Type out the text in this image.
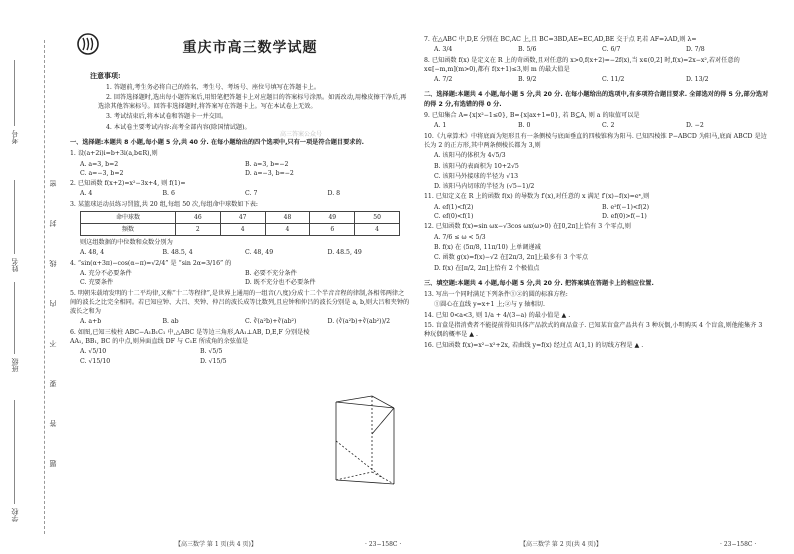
考号
姓名
班级
学校
密
封
线
内
不
要
答
题
重庆市高三数学试题
注意事项:

1. 答题前,考生务必将自己的姓名、考生号、考场号、座位号填写在答题卡上。

2. 回答选择题时,选出每小题答案后,用铅笔把答题卡上对应题目的答案标号涂黑。如需改动,用橡皮擦干净后,再选涂其他答案标号。回答非选择题时,将答案写在答题卡上。写在本试卷上无效。

3. 考试结束后,将本试卷和答题卡一并交回。

4. 本试卷主要考试内容:高考全部内容(除国情试题)。

高三答案公众号
一、选择题:本题共 8 小题,每小题 5 分,共 40 分. 在每小题给出的四个选项中,只有一项是符合题目要求的.
1. 设(a+2i)i=b+3i(a,b∈R),则
A. a=3, b=2	B. a=3, b=−2
C. a=−3, b=2	D. a=−3, b=−2
2. 已知函数 f(x+2)=x²−3x+4, 则 f(1)=
A. 4	B. 6	C. 7	D. 8
3. 某篮球运动员练习罚篮,共 20 组,每组 50 次,每组命中球数如下表:
命中球数	46	47	48	49	50
频数	2	4	4	6	4
则这组数据的中位数和众数分别为
A. 48, 4	B. 48.5, 4	C. 48, 49	D. 48.5, 49
4. “sin(α+3π)−cos(α−π)=√2/4” 是 “sin 2α=3/16” 的
A. 充分不必要条件	B. 必要不充分条件
C. 充要条件	D. 既不充分也不必要条件
5. 明朝朱载堉发明的十二平均律,又称“十二等程律”,是世界上通用的一组音(八度)分成十二个半音音程的律制,各相邻两律之间的波长之比完全相同。若已知应钟、大吕、夹钟、仲吕的波长成等比数列,且应钟和仲吕的波长分别是 a, b,则大吕和夹钟的波长之和为
A. a+b	B. ab	C. ∛(a²b)+∛(ab²)	D. (∛(a²b)+∛(ab²))/2
6. 如图,已知三棱柱 ABC−A₁B₁C₁ 中,△ABC 是等边三角形,AA₁⊥AB, D,E,F 分别是棱 AA₁, BB₁, BC 的中点,则异面直线 DF 与 C₁E 所成角的余弦值是
A. √5/10	B. √5/5
C. √15/10	D. √15/5
【高三数学 第 1 页(共 4 页)】	· 23−158C ·
7. 在△ABC 中,D,E 分别在 BC,AC 上,且 BC=3BD,AE=EC,AD,BE 交于点 F,若 AF=λAD,则 λ=
A. 3/4	B. 5/6	C. 6/7	D. 7/8
8. 已知函数 f(x) 是定义在 R 上的奇函数,且对任意的 x>0,f(x+2)=−2f(x),当 x∈(0,2] 时,f(x)=2x−x²,若对任意的 x∈[−m,m](m>0),都有 f(x+1)≤3,则 m 的最大值是
A. 7/2	B. 9/2	C. 11/2	D. 13/2
二、选择题:本题共 4 小题,每小题 5 分,共 20 分. 在每小题给出的选项中,有多项符合题目要求. 全部选对的得 5 分,部分选对的得 2 分,有选错的得 0 分.
9. 已知集合 A={x|x²−1≤0}, B={x|ax+1=0}, 若 B⊆A, 则 a 的取值可以是
A. 1	B. 0	C. 2	D. −2
10.《九章算术》中将底面为矩形且有一条侧棱与底面垂直的四棱锥称为阳马. 已知四棱锥 P−ABCD 为阳马,底面 ABCD 是边长为 2 的正方形,其中两条侧棱长都为 3,则
A. 该阳马的体积为 4√5/3
B. 该阳马的表面积为 10+2√5
C. 该阳马外接球的半径为 √13
D. 该阳马内切球的半径为 (√5−1)/2
11. 已知定义在 R 上的函数 f(x) 的导数为 f′(x),对任意的 x 满足 f′(x)−f(x)=eˣ,则
A. ef(1)<f(2)	B. e²f(−1)<f(2)
C. ef(0)<f(1)	D. ef(0)>f(−1)
12. 已知函数 f(x)=sin ωx−√3cos ωx(ω>0) 在[0,2π]上恰有 3 个零点,则
A. 7/6 ≤ ω < 5/3
B. f(x) 在 (5π/8, 11π/10) 上单调递减
C. 函数 g(x)=f(x)−√2 在[2π/3, 2π]上最多有 3 个零点
D. f(x) 在[π/2, 2π]上恰有 2 个极值点
三、填空题:本题共 4 小题,每小题 5 分,共 20 分. 把答案填在答题卡上的相应位置.
13. 写出一个同时满足下列条件①②的圆的标准方程:
①圆心在直线 y=x+1 上;②与 y 轴相切.
14. 已知 0<a<3, 则 1/a + 4/(3−a) 的最小值是 ▲ .
15. 盲盒是指消费者不能提前得知具体产品款式的商品盒子. 已知某盲盒产品共有 3 种玩偶,小明购买 4 个盲盒,则他能集齐 3 种玩偶的概率是 ▲ .
16. 已知函数 f(x)=x²−x²+2x, 若曲线 y=f(x) 经过点 A(1,1) 的切线方程是 ▲ .
【高三数学 第 2 页(共 4 页)】	· 23−158C ·
